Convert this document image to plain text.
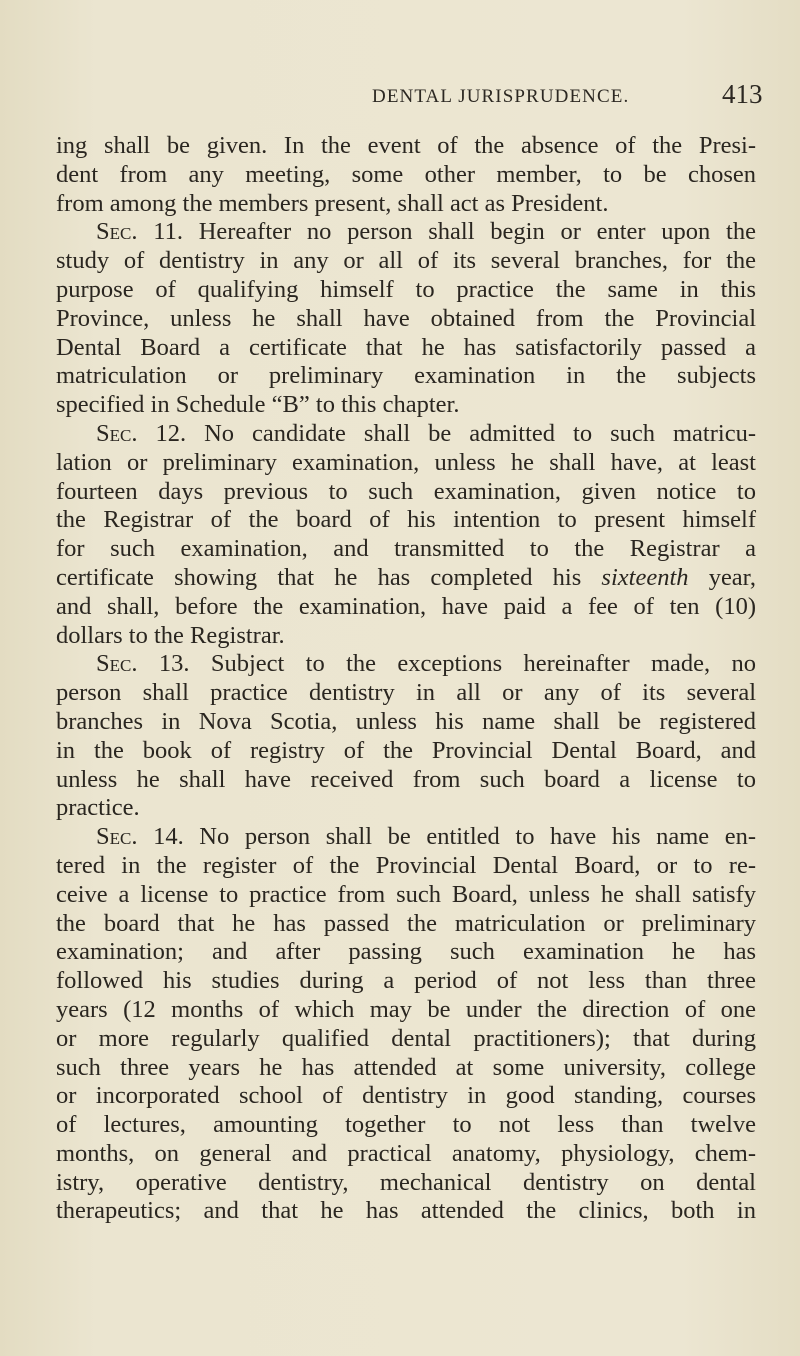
DENTAL JURISPRUDENCE.	413
ing shall be given. In the event of the absence of the Presi-
dent from any meeting, some other member, to be chosen
from among the members present, shall act as President.
Sec. 11. Hereafter no person shall begin or enter upon the
study of dentistry in any or all of its several branches, for the
purpose of qualifying himself to practice the same in this
Province, unless he shall have obtained from the Provincial
Dental Board a certificate that he has satisfactorily passed a
matriculation or preliminary examination in the subjects
specified in Schedule “B” to this chapter.
Sec. 12. No candidate shall be admitted to such matricu-
lation or preliminary examination, unless he shall have, at least
fourteen days previous to such examination, given notice to
the Registrar of the board of his intention to present himself
for such examination, and transmitted to the Registrar a
certificate showing that he has completed his sixteenth year,
and shall, before the examination, have paid a fee of ten (10)
dollars to the Registrar.
Sec. 13. Subject to the exceptions hereinafter made, no
person shall practice dentistry in all or any of its several
branches in Nova Scotia, unless his name shall be registered
in the book of registry of the Provincial Dental Board, and
unless he shall have received from such board a license to
practice.
Sec. 14. No person shall be entitled to have his name en-
tered in the register of the Provincial Dental Board, or to re-
ceive a license to practice from such Board, unless he shall satisfy
the board that he has passed the matriculation or preliminary
examination; and after passing such examination he has
followed his studies during a period of not less than three
years (12 months of which may be under the direction of one
or more regularly qualified dental practitioners); that during
such three years he has attended at some university, college
or incorporated school of dentistry in good standing, courses
of lectures, amounting together to not less than twelve
months, on general and practical anatomy, physiology, chem-
istry, operative dentistry, mechanical dentistry on dental
therapeutics; and that he has attended the clinics, both in
